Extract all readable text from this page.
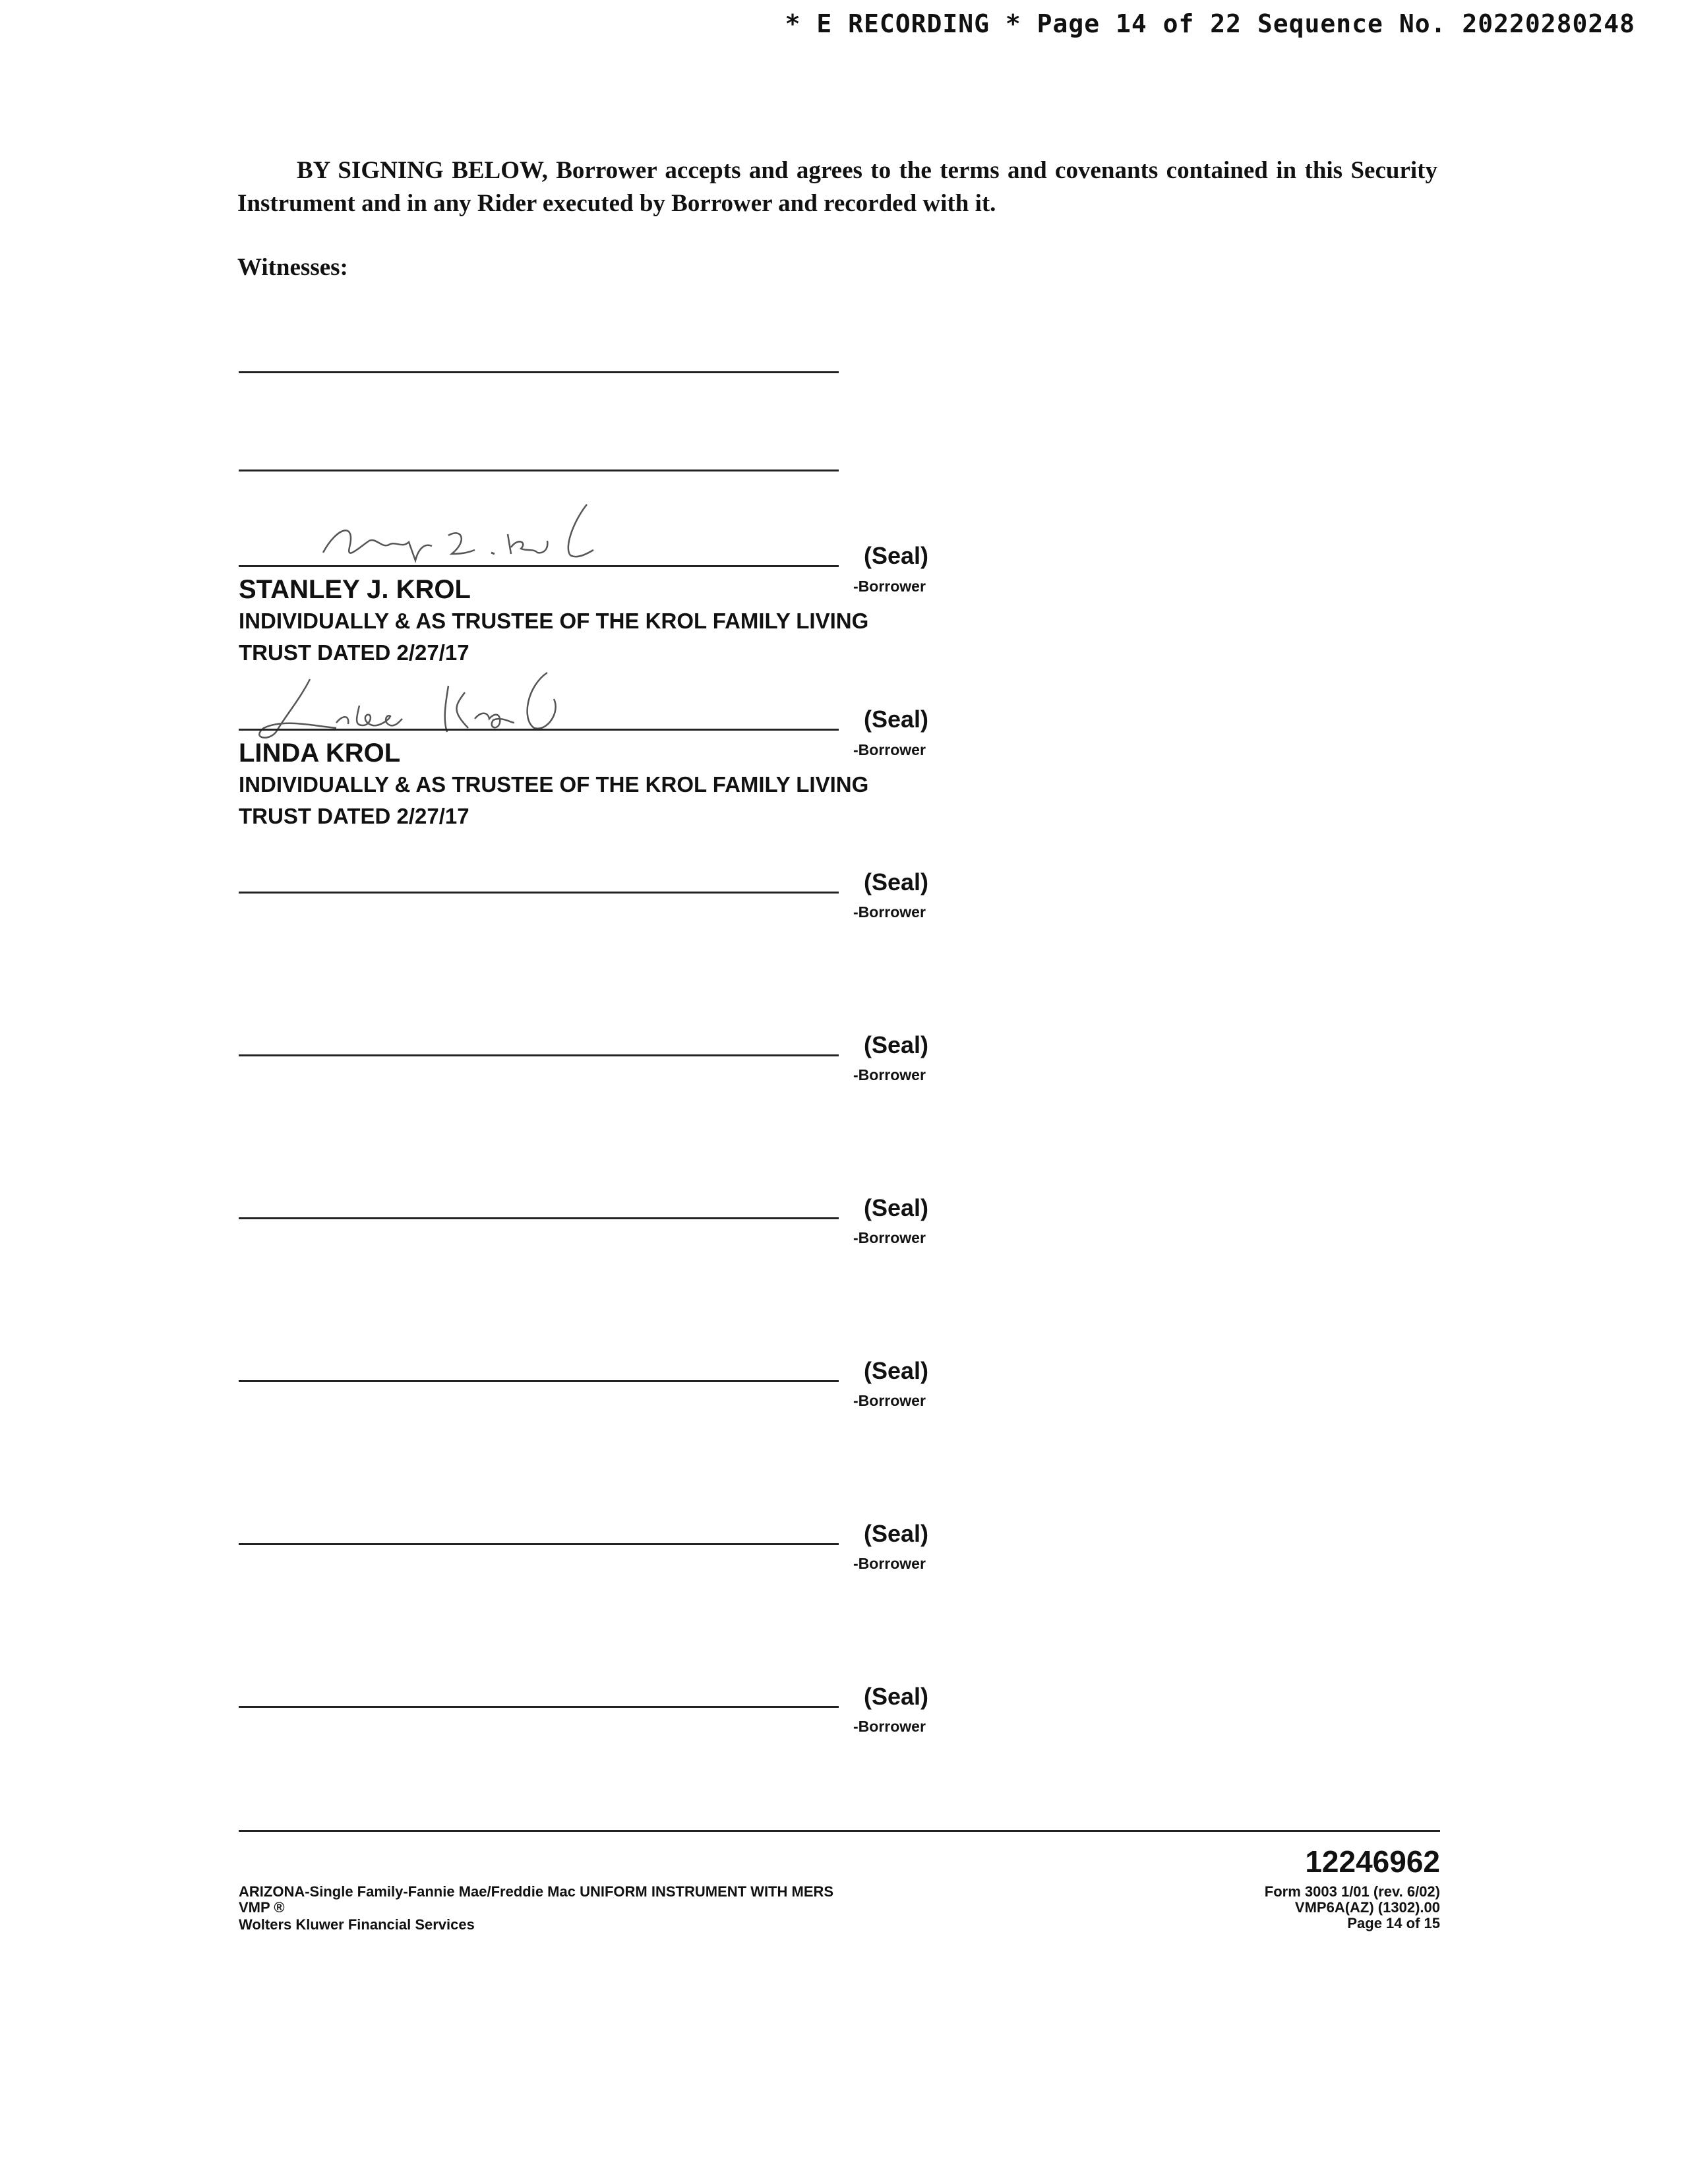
* E RECORDING * Page 14 of 22 Sequence No. 20220280248
BY SIGNING BELOW, Borrower accepts and agrees to the terms and covenants contained in this Security Instrument and in any Rider executed by Borrower and recorded with it.
Witnesses:
(Seal)
-Borrower
STANLEY J. KROL
INDIVIDUALLY & AS TRUSTEE OF THE KROL FAMILY LIVING
TRUST DATED 2/27/17
(Seal)
-Borrower
LINDA KROL
INDIVIDUALLY & AS TRUSTEE OF THE KROL FAMILY LIVING
TRUST DATED 2/27/17
(Seal)
-Borrower
(Seal)
-Borrower
(Seal)
-Borrower
(Seal)
-Borrower
(Seal)
-Borrower
(Seal)
-Borrower
12246962
ARIZONA-Single Family-Fannie Mae/Freddie Mac UNIFORM INSTRUMENT WITH MERS
VMP ®
Wolters Kluwer Financial Services
Form 3003 1/01 (rev. 6/02)
VMP6A(AZ) (1302).00
Page 14 of 15
